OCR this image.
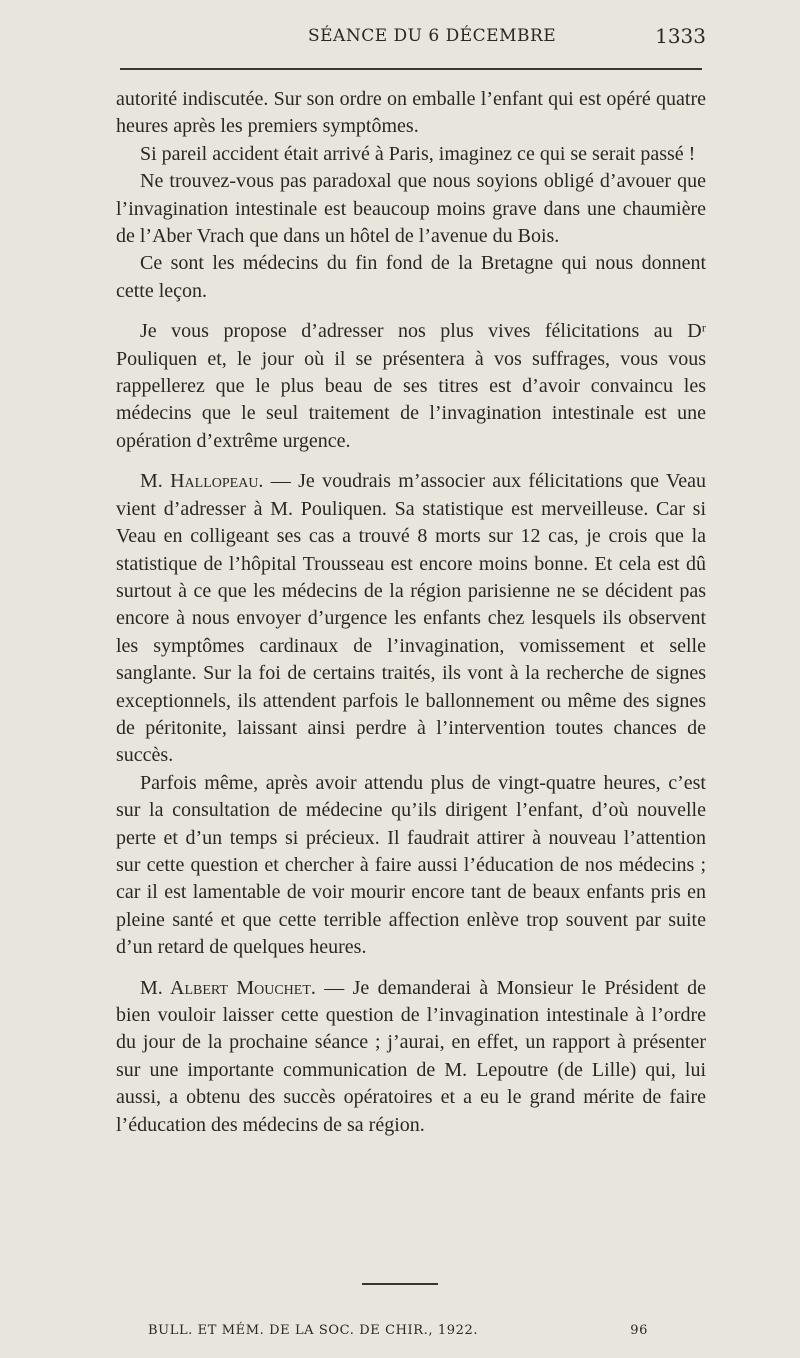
SÉANCE DU 6 DÉCEMBRE	1333

autorité indiscutée. Sur son ordre on emballe l’enfant qui est opéré quatre heures après les premiers symptômes.

Si pareil accident était arrivé à Paris, imaginez ce qui se serait passé !

Ne trouvez-vous pas paradoxal que nous soyions obligé d’avouer que l’invagination intestinale est beaucoup moins grave dans une chaumière de l’Aber Vrach que dans un hôtel de l’avenue du Bois.

Ce sont les médecins du fin fond de la Bretagne qui nous donnent cette leçon.

Je vous propose d’adresser nos plus vives félicitations au Dʳ Pouliquen et, le jour où il se présentera à vos suffrages, vous vous rappellerez que le plus beau de ses titres est d’avoir convaincu les médecins que le seul traitement de l’invagination intestinale est une opération d’extrême urgence.

M. Hallopeau. — Je voudrais m’associer aux félicitations que Veau vient d’adresser à M. Pouliquen. Sa statistique est merveilleuse. Car si Veau en colligeant ses cas a trouvé 8 morts sur 12 cas, je crois que la statistique de l’hôpital Trousseau est encore moins bonne. Et cela est dû surtout à ce que les médecins de la région parisienne ne se décident pas encore à nous envoyer d’urgence les enfants chez lesquels ils observent les symptômes cardinaux de l’invagination, vomissement et selle sanglante. Sur la foi de certains traités, ils vont à la recherche de signes exceptionnels, ils attendent parfois le ballonnement ou même des signes de péritonite, laissant ainsi perdre à l’intervention toutes chances de succès.

Parfois même, après avoir attendu plus de vingt-quatre heures, c’est sur la consultation de médecine qu’ils dirigent l’enfant, d’où nouvelle perte et d’un temps si précieux. Il faudrait attirer à nouveau l’attention sur cette question et chercher à faire aussi l’éducation de nos médecins ; car il est lamentable de voir mourir encore tant de beaux enfants pris en pleine santé et que cette terrible affection enlève trop souvent par suite d’un retard de quelques heures.

M. Albert Mouchet. — Je demanderai à Monsieur le Président de bien vouloir laisser cette question de l’invagination intestinale à l’ordre du jour de la prochaine séance ; j’aurai, en effet, un rapport à présenter sur une importante communication de M. Lepoutre (de Lille) qui, lui aussi, a obtenu des succès opératoires et a eu le grand mérite de faire l’éducation des médecins de sa région.

BULL. ET MÉM. DE LA SOC. DE CHIR., 1922.	96
